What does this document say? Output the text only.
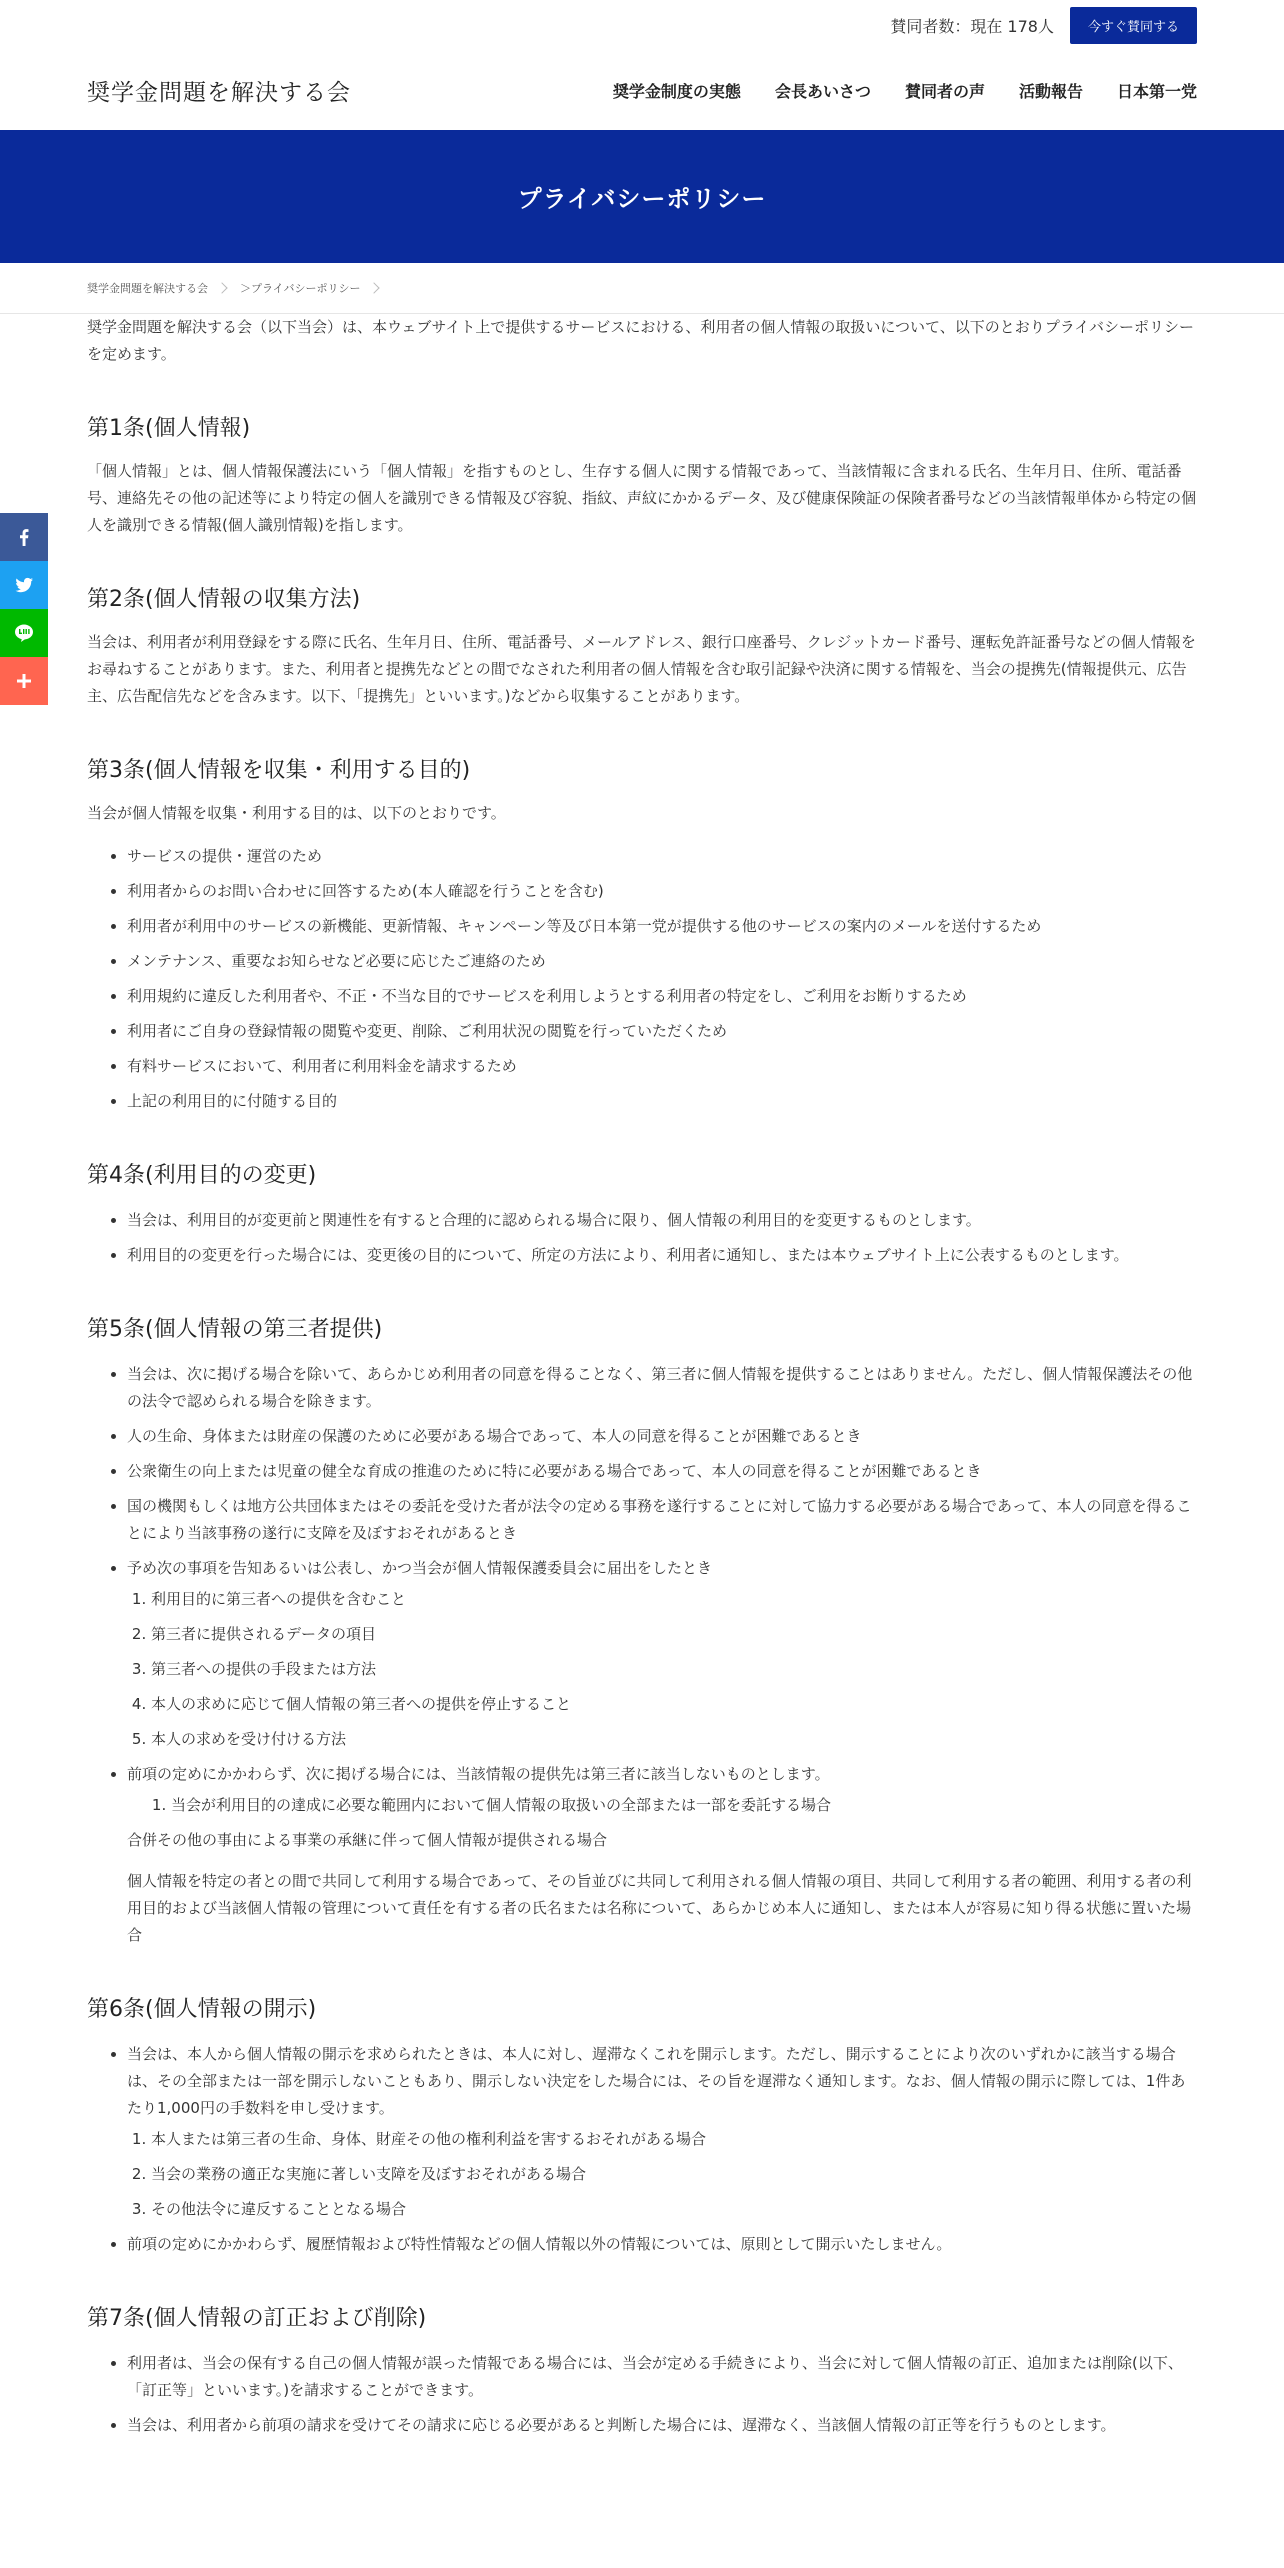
賛同者数：現在 178人	今すぐ賛同する
奨学金問題を解決する会	奨学金制度の実態 会長あいさつ 賛同者の声 活動報告 日本第一党
プライバシーポリシー
奨学金問題を解決する会	＞プライバシーポリシー

奨学金問題を解決する会（以下当会）は、本ウェブサイト上で提供するサービスにおける、利用者の個人情報の取扱いについて、以下のとおりプライバシーポリシーを定めます。

第1条(個人情報)

「個人情報」とは、個人情報保護法にいう「個人情報」を指すものとし、生存する個人に関する情報であって、当該情報に含まれる氏名、生年月日、住所、電話番号、連絡先その他の記述等により特定の個人を識別できる情報及び容貌、指紋、声紋にかかるデータ、及び健康保険証の保険者番号などの当該情報単体から特定の個人を識別できる情報(個人識別情報)を指します。

第2条(個人情報の収集方法)

当会は、利用者が利用登録をする際に氏名、生年月日、住所、電話番号、メールアドレス、銀行口座番号、クレジットカード番号、運転免許証番号などの個人情報をお尋ねすることがあります。また、利用者と提携先などとの間でなされた利用者の個人情報を含む取引記録や決済に関する情報を、当会の提携先(情報提供元、広告主、広告配信先などを含みます。以下、「提携先」といいます。)などから収集することがあります。

第3条(個人情報を収集・利用する目的)

当会が個人情報を収集・利用する目的は、以下のとおりです。

• サービスの提供・運営のため
• 利用者からのお問い合わせに回答するため(本人確認を行うことを含む)
• 利用者が利用中のサービスの新機能、更新情報、キャンペーン等及び日本第一党が提供する他のサービスの案内のメールを送付するため
• メンテナンス、重要なお知らせなど必要に応じたご連絡のため
• 利用規約に違反した利用者や、不正・不当な目的でサービスを利用しようとする利用者の特定をし、ご利用をお断りするため
• 利用者にご自身の登録情報の閲覧や変更、削除、ご利用状況の閲覧を行っていただくため
• 有料サービスにおいて、利用者に利用料金を請求するため
• 上記の利用目的に付随する目的
第4条(利用目的の変更)
• 当会は、利用目的が変更前と関連性を有すると合理的に認められる場合に限り、個人情報の利用目的を変更するものとします。
• 利用目的の変更を行った場合には、変更後の目的について、所定の方法により、利用者に通知し、または本ウェブサイト上に公表するものとします。
第5条(個人情報の第三者提供)
• 当会は、次に掲げる場合を除いて、あらかじめ利用者の同意を得ることなく、第三者に個人情報を提供することはありません。ただし、個人情報保護法その他の法令で認められる場合を除きます。
• 人の生命、身体または財産の保護のために必要がある場合であって、本人の同意を得ることが困難であるとき
• 公衆衛生の向上または児童の健全な育成の推進のために特に必要がある場合であって、本人の同意を得ることが困難であるとき
• 国の機関もしくは地方公共団体またはその委託を受けた者が法令の定める事務を遂行することに対して協力する必要がある場合であって、本人の同意を得ることにより当該事務の遂行に支障を及ぼすおそれがあるとき
• 予め次の事項を告知あるいは公表し、かつ当会が個人情報保護委員会に届出をしたとき
1. 利用目的に第三者への提供を含むこと
2. 第三者に提供されるデータの項目
3. 第三者への提供の手段または方法
4. 本人の求めに応じて個人情報の第三者への提供を停止すること
5. 本人の求めを受け付ける方法
• 前項の定めにかかわらず、次に掲げる場合には、当該情報の提供先は第三者に該当しないものとします。
1. 当会が利用目的の達成に必要な範囲内において個人情報の取扱いの全部または一部を委託する場合

合併その他の事由による事業の承継に伴って個人情報が提供される場合

個人情報を特定の者との間で共同して利用する場合であって、その旨並びに共同して利用される個人情報の項目、共同して利用する者の範囲、利用する者の利用目的および当該個人情報の管理について責任を有する者の氏名または名称について、あらかじめ本人に通知し、または本人が容易に知り得る状態に置いた場合

第6条(個人情報の開示)
• 当会は、本人から個人情報の開示を求められたときは、本人に対し、遅滞なくこれを開示します。ただし、開示することにより次のいずれかに該当する場合は、その全部または一部を開示しないこともあり、開示しない決定をした場合には、その旨を遅滞なく通知します。なお、個人情報の開示に際しては、1件あたり1,000円の手数料を申し受けます。
1. 本人または第三者の生命、身体、財産その他の権利利益を害するおそれがある場合
2. 当会の業務の適正な実施に著しい支障を及ぼすおそれがある場合
3. その他法令に違反することとなる場合
• 前項の定めにかかわらず、履歴情報および特性情報などの個人情報以外の情報については、原則として開示いたしません。
第7条(個人情報の訂正および削除)
• 利用者は、当会の保有する自己の個人情報が誤った情報である場合には、当会が定める手続きにより、当会に対して個人情報の訂正、追加または削除(以下、「訂正等」といいます。)を請求することができます。
• 当会は、利用者から前項の請求を受けてその請求に応じる必要があると判断した場合には、遅滞なく、当該個人情報の訂正等を行うものとします。
